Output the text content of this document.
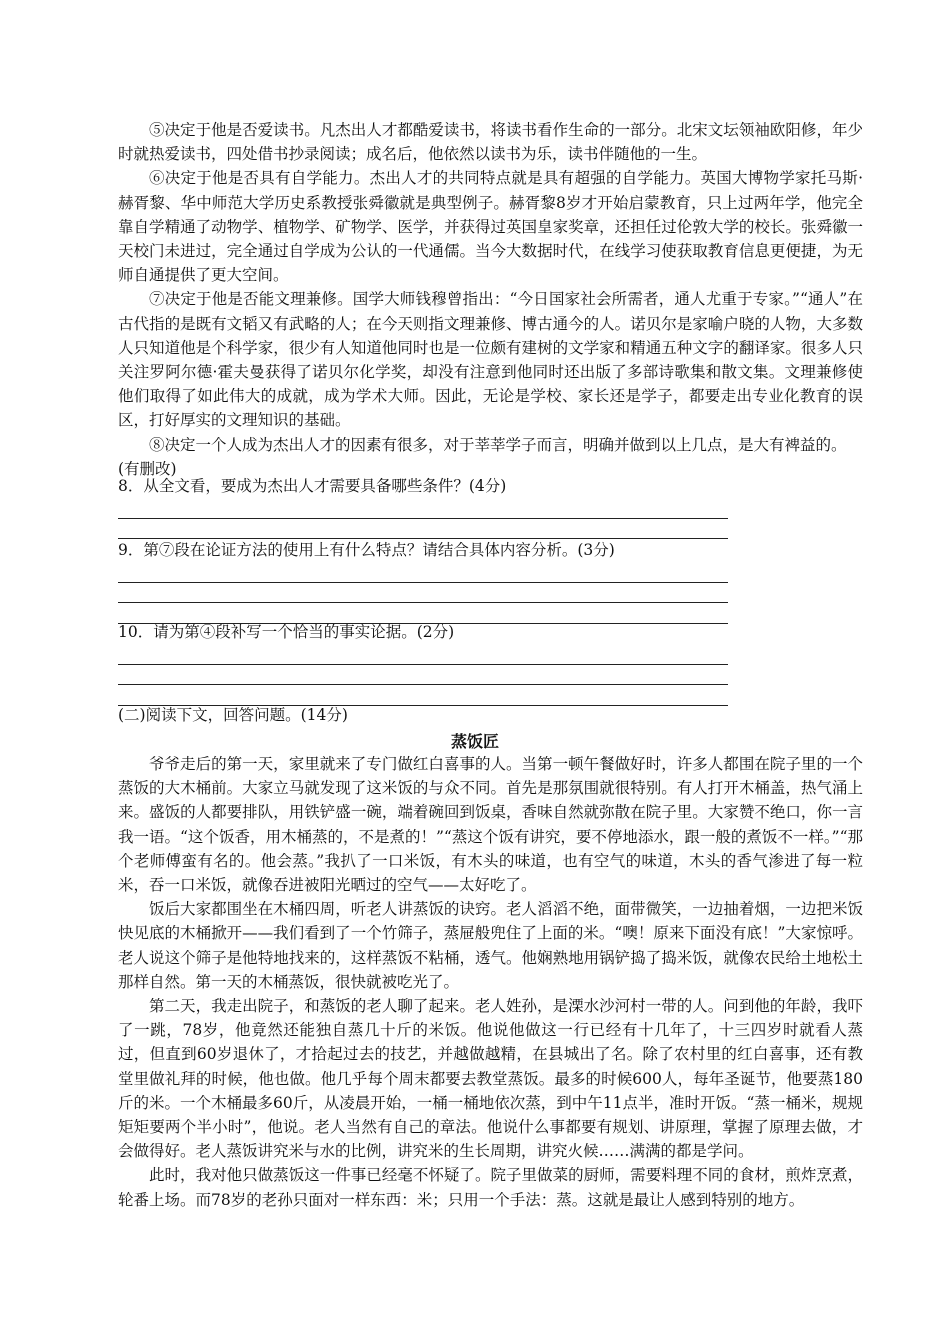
⑤决定于他是否爱读书。凡杰出人才都酷爱读书，将读书看作生命的一部分。北宋文坛领袖欧阳修，年少时就热爱读书，四处借书抄录阅读；成名后，他依然以读书为乐，读书伴随他的一生。

⑥决定于他是否具有自学能力。杰出人才的共同特点就是具有超强的自学能力。英国大博物学家托马斯·赫胥黎、华中师范大学历史系教授张舜徽就是典型例子。赫胥黎8岁才开始启蒙教育，只上过两年学，他完全靠自学精通了动物学、植物学、矿物学、医学，并获得过英国皇家奖章，还担任过伦敦大学的校长。张舜徽一天校门未进过，完全通过自学成为公认的一代通儒。当今大数据时代，在线学习使获取教育信息更便捷，为无师自通提供了更大空间。

⑦决定于他是否能文理兼修。国学大师钱穆曾指出：“今日国家社会所需者，通人尤重于专家。”“通人”在古代指的是既有文韬又有武略的人；在今天则指文理兼修、博古通今的人。诺贝尔是家喻户晓的人物，大多数人只知道他是个科学家，很少有人知道他同时也是一位颇有建树的文学家和精通五种文字的翻译家。很多人只关注罗阿尔德·霍夫曼获得了诺贝尔化学奖，却没有注意到他同时还出版了多部诗歌集和散文集。文理兼修使他们取得了如此伟大的成就，成为学术大师。因此，无论是学校、家长还是学子，都要走出专业化教育的误区，打好厚实的文理知识的基础。

⑧决定一个人成为杰出人才的因素有很多，对于莘莘学子而言，明确并做到以上几点，是大有裨益的。

(有删改)

8．从全文看，要成为杰出人才需要具备哪些条件？(4分)
9．第⑦段在论证方法的使用上有什么特点？请结合具体内容分析。(3分)
10．请为第④段补写一个恰当的事实论据。(2分)
(二)阅读下文，回答问题。(14分)
蒸饭匠

爷爷走后的第一天，家里就来了专门做红白喜事的人。当第一顿午餐做好时，许多人都围在院子里的一个蒸饭的大木桶前。大家立马就发现了这米饭的与众不同。首先是那氛围就很特别。有人打开木桶盖，热气涌上来。盛饭的人都要排队，用铁铲盛一碗，端着碗回到饭桌，香味自然就弥散在院子里。大家赞不绝口，你一言我一语。“这个饭香，用木桶蒸的，不是煮的！”“蒸这个饭有讲究，要不停地添水，跟一般的煮饭不一样。”“那个老师傅蛮有名的。他会蒸。”我扒了一口米饭，有木头的味道，也有空气的味道，木头的香气渗进了每一粒米，吞一口米饭，就像吞进被阳光晒过的空气——太好吃了。

饭后大家都围坐在木桶四周，听老人讲蒸饭的诀窍。老人滔滔不绝，面带微笑，一边抽着烟，一边把米饭快见底的木桶掀开——我们看到了一个竹筛子，蒸屉般兜住了上面的米。“噢！原来下面没有底！”大家惊呼。老人说这个筛子是他特地找来的，这样蒸饭不粘桶，透气。他娴熟地用锅铲捣了捣米饭，就像农民给土地松土那样自然。第一天的木桶蒸饭，很快就被吃光了。

第二天，我走出院子，和蒸饭的老人聊了起来。老人姓孙，是溧水沙河村一带的人。问到他的年龄，我吓了一跳，78岁，他竟然还能独自蒸几十斤的米饭。他说他做这一行已经有十几年了，十三四岁时就看人蒸过，但直到60岁退休了，才拾起过去的技艺，并越做越精，在县城出了名。除了农村里的红白喜事，还有教堂里做礼拜的时候，他也做。他几乎每个周末都要去教堂蒸饭。最多的时候600人，每年圣诞节，他要蒸180斤的米。一个木桶最多60斤，从凌晨开始，一桶一桶地依次蒸，到中午11点半，准时开饭。“蒸一桶米，规规矩矩要两个半小时”，他说。老人当然有自己的章法。他说什么事都要有规划、讲原理，掌握了原理去做，才会做得好。老人蒸饭讲究米与水的比例，讲究米的生长周期，讲究火候……满满的都是学问。

此时，我对他只做蒸饭这一件事已经毫不怀疑了。院子里做菜的厨师，需要料理不同的食材，煎炸烹煮，轮番上场。而78岁的老孙只面对一样东西：米；只用一个手法：蒸。这就是最让人感到特别的地方。
